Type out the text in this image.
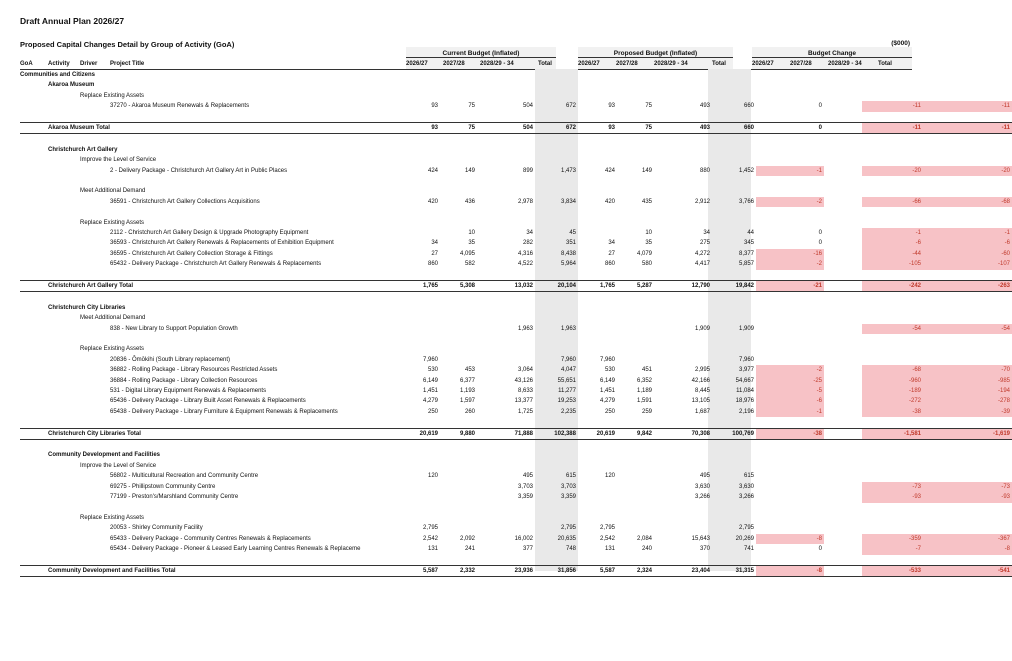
Draft Annual Plan 2026/27
Proposed Capital Changes Detail by Group of Activity (GoA)	($000)
Current Budget (Inflated)	Proposed Budget (Inflated)	Budget Change
GoA	Activity Driver Project Title	2026/27	2027/28	2028/29 - 34	Total	2026/27	2027/28	2028/29 - 34	Total	2026/27	2027/28	2028/29 - 34	Total
Communities and Citizens												
Akaroa Museum												
Replace Existing Assets												
37270 - Akaroa Museum Renewals & Replacements	93	75	504	672	93	75	493	660	0		-11	-11

Akaroa Museum Total	93	75	504	672	93	75	493	660	0		-11	-11

Christchurch Art Gallery												
Improve the Level of Service												
2 - Delivery Package - Christchurch Art Gallery Art in Public Places	424	149	899	1,473	424	149	880	1,452	-1		-20	-20

Meet Additional Demand												
36591 - Christchurch Art Gallery Collections Acquisitions	420	436	2,978	3,834	420	435	2,912	3,766	-2		-66	-68

Replace Existing Assets												
2112 - Christchurch Art Gallery Design & Upgrade Photography Equipment		10	34	45		10	34	44	0		-1	-1
36593 - Christchurch Art Gallery Renewals & Replacements of Exhibition Equipment	34	35	282	351	34	35	275	345	0		-6	-6
36595 - Christchurch Art Gallery Collection Storage & Fittings	27	4,095	4,316	8,438	27	4,079	4,272	8,377	-16		-44	-60
65432 - Delivery Package - Christchurch Art Gallery Renewals & Replacements	860	582	4,522	5,964	860	580	4,417	5,857	-2		-105	-107

Christchurch Art Gallery Total	1,765	5,308	13,032	20,104	1,765	5,287	12,790	19,842	-21		-242	-263

Christchurch City Libraries												
Meet Additional Demand												
838 - New Library to Support Population Growth			1,963	1,963			1,909	1,909			-54	-54

Replace Existing Assets												
20836 - Ōmōkihi (South Library replacement)	7,960			7,960	7,960			7,960				
36882 - Rolling Package - Library Resources Restricted Assets	530	453	3,064	4,047	530	451	2,995	3,977	-2		-68	-70
36884 - Rolling Package - Library Collection Resources	6,149	6,377	43,126	55,651	6,149	6,352	42,166	54,667	-25		-960	-985
531 - Digital Library Equipment Renewals & Replacements	1,451	1,193	8,633	11,277	1,451	1,189	8,445	11,084	-5		-189	-194
65436 - Delivery Package - Library Built Asset Renewals & Replacements	4,279	1,597	13,377	19,253	4,279	1,591	13,105	18,976	-6		-272	-278
65438 - Delivery Package - Library Furniture & Equipment Renewals & Replacements	250	260	1,725	2,235	250	259	1,687	2,196	-1		-38	-39

Christchurch City Libraries Total	20,619	9,880	71,888	102,388	20,619	9,842	70,308	100,769	-38		-1,581	-1,619

Community Development and Facilities												
Improve the Level of Service												
56802 - Multicultural Recreation and Community Centre	120		495	615	120		495	615				
69275 - Phillipstown Community Centre			3,703	3,703			3,630	3,630			-73	-73
77199 - Preston's/Marshland Community Centre			3,359	3,359			3,266	3,266			-93	-93

Replace Existing Assets												
20053 - Shirley Community Facility	2,795			2,795	2,795			2,795				
65433 - Delivery Package - Community Centres Renewals & Replacements	2,542	2,092	16,002	20,635	2,542	2,084	15,643	20,269	-8		-359	-367
65434 - Delivery Package - Pioneer & Leased Early Learning Centres Renewals & Replaceme	131	241	377	748	131	240	370	741	0		-7	-8

Community Development and Facilities Total	5,587	2,332	23,936	31,856	5,587	2,324	23,404	31,315	-8		-533	-541
